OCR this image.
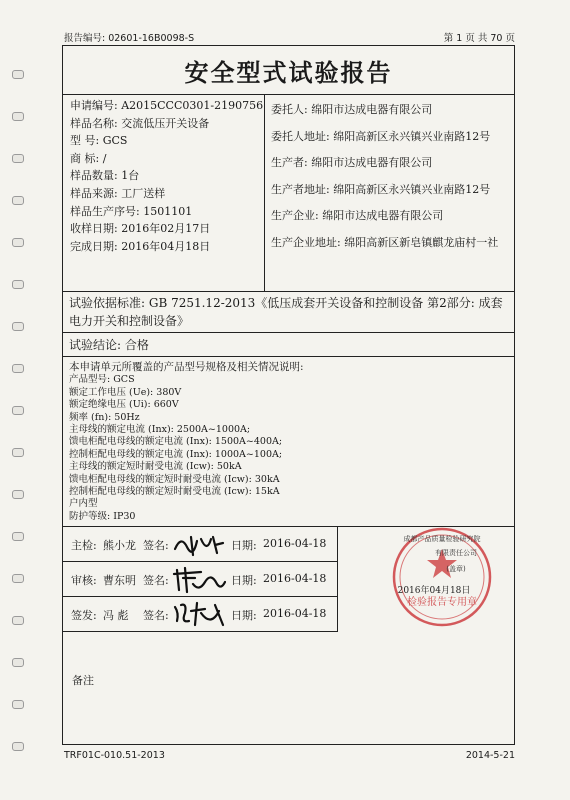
报告编号: 02601-16B0098-S	第 1 页 共 70 页
安全型式试验报告
申请编号: A2015CCC0301-2190756
样品名称: 交流低压开关设备
型 号: GCS
商 标: /
样品数量: 1台
样品来源: 工厂送样
样品生产序号: 1501101
收样日期: 2016年02月17日
完成日期: 2016年04月18日
委托人: 绵阳市达成电器有限公司
委托人地址: 绵阳高新区永兴镇兴业南路12号
生产者: 绵阳市达成电器有限公司
生产者地址: 绵阳高新区永兴镇兴业南路12号
生产企业: 绵阳市达成电器有限公司
生产企业地址: 绵阳高新区新皂镇麒龙庙村一社
试验依据标准: GB 7251.12-2013《低压成套开关设备和控制设备 第2部分: 成套电力开关和控制设备》
试验结论: 合格
本申请单元所覆盖的产品型号规格及相关情况说明:
产品型号: GCS
额定工作电压 (Ue): 380V
额定绝缘电压 (Ui): 660V
频率 (fn): 50Hz
主母线的额定电流 (Inx): 2500A~1000A;
馈电柜配电母线的额定电流 (Inx): 1500A~400A;
控制柜配电母线的额定电流 (Inx): 1000A~100A;
主母线的额定短时耐受电流 (Icw): 50kA
馈电柜配电母线的额定短时耐受电流 (Icw): 30kA
控制柜配电母线的额定短时耐受电流 (Icw): 15kA
户内型
防护等级: IP30
主检: 熊小龙 签名:	日期: 2016-04-18
审核: 曹东明 签名:	日期: 2016-04-18
签发: 冯 彪 签名:	日期: 2016-04-18
检验报告专用章
成都产品质量检验研究院
有限责任公司
(盖章)
2016年04月18日
备注
TRF01C-010.51-2013	2014-5-21
